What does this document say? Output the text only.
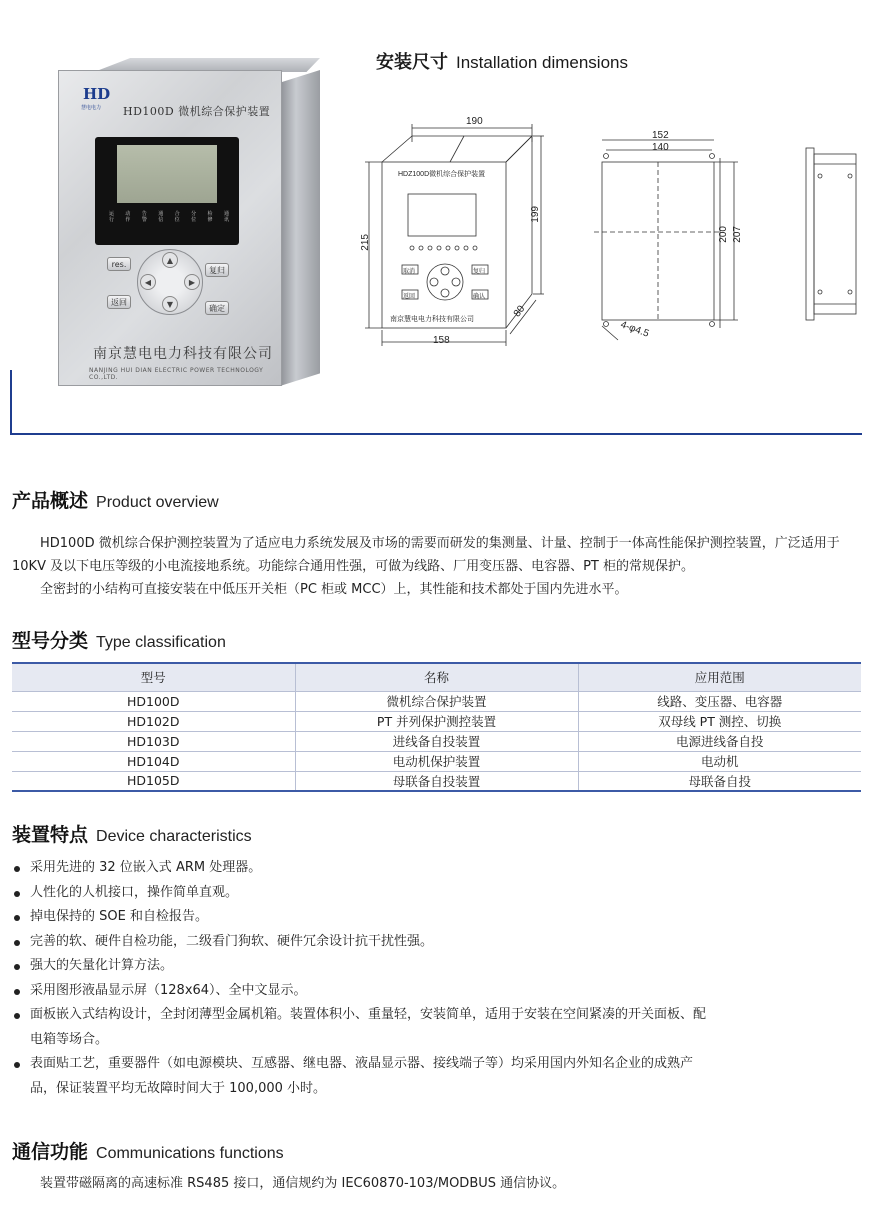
HD
慧电电力 HD100D 微机综合保护装置
运行
动作
告警
通信
合位
分位
检修
通讯
res.
复归
返回
确定
▲
▼
◀	▶
南京慧电电力科技有限公司
NANJING HUI DIAN ELECTRIC POWER TECHNOLOGY CO.,LTD.
安装尺寸 Installation dimensions
190
215
199
158
80
HDZ100D微机综合保护装置
南京慧电电力科技有限公司
取消	复归
返回	确认
152
140
200 207
4-φ4.5
产品概述 Product overview

HD100D 微机综合保护测控装置为了适应电力系统发展及市场的需要而研发的集测量、计量、控制于一体高性能保护测控装置，广泛适用于 10KV 及以下电压等级的小电流接地系统。功能综合通用性强，可做为线路、厂用变压器、电容器、PT 柜的常规保护。

全密封的小结构可直接安装在中低压开关柜（PC 柜或 MCC）上，其性能和技术都处于国内先进水平。

型号分类 Type classification
型号	名称	应用范围
HD100D	微机综合保护装置	线路、变压器、电容器
HD102D	PT 并列保护测控装置	双母线 PT 测控、切换
HD103D	进线备自投装置	电源进线备自投
HD104D	电动机保护装置	电动机
HD105D	母联备自投装置	母联备自投
装置特点 Device characteristics
采用先进的 32 位嵌入式 ARM 处理器。
人性化的人机接口，操作简单直观。
掉电保持的 SOE 和自检报告。
完善的软、硬件自检功能，二级看门狗软、硬件冗余设计抗干扰性强。
强大的矢量化计算方法。
采用图形液晶显示屏（128x64）、全中文显示。
面板嵌入式结构设计，全封闭薄型金属机箱。装置体积小、重量轻，安装简单，适用于安装在空间紧凑的开关面板、配电箱等场合。
表面贴工艺，重要器件（如电源模块、互感器、继电器、液晶显示器、接线端子等）均采用国内外知名企业的成熟产品，保证装置平均无故障时间大于 100,000 小时。
通信功能 Communications functions

装置带磁隔离的高速标准 RS485 接口，通信规约为 IEC60870-103/MODBUS 通信协议。
